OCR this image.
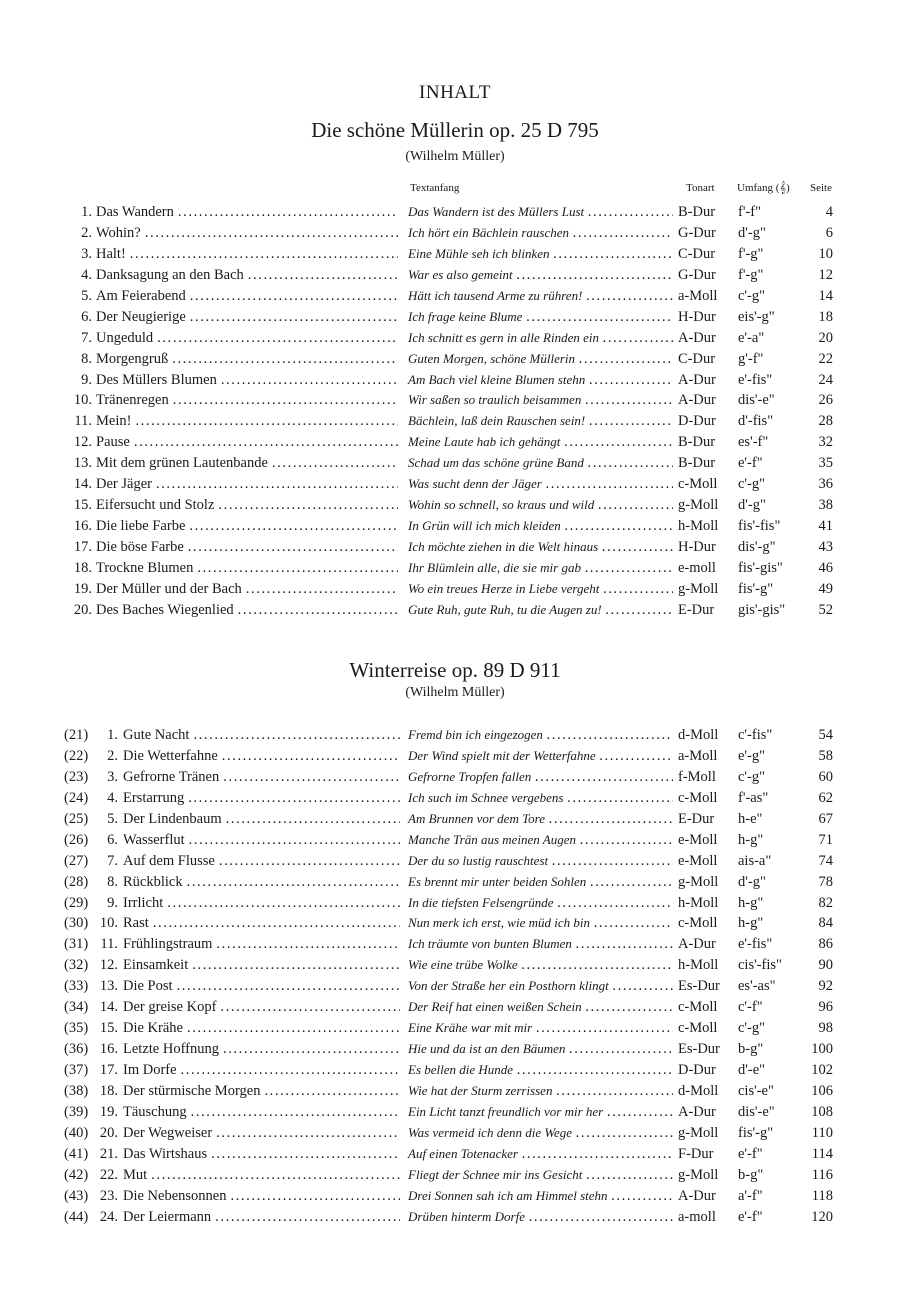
INHALT
Die schöne Müllerin op. 25 D 795
(Wilhelm Müller)
Textanfang	Tonart Umfang (𝄞) Seite
1. Das Wandern .....	Das Wandern ist des Müllers Lust .....	B-Dur f'-f"	4
2. Wohin? .....	Ich hört ein Bächlein rauschen .....	G-Dur d'-g"	6
3. Halt! .....	Eine Mühle seh ich blinken .....	C-Dur f'-g"	10
4. Danksagung an den Bach .....	War es also gemeint .....	G-Dur f'-g"	12
5. Am Feierabend .....	Hätt ich tausend Arme zu rühren! .....	a-Moll c'-g"	14
6. Der Neugierige .....	Ich frage keine Blume .....	H-Dur eis'-g"	18
7. Ungeduld .....	Ich schnitt es gern in alle Rinden ein .....	A-Dur e'-a"	20
8. Morgengruß .....	Guten Morgen, schöne Müllerin .....	C-Dur g'-f"	22
9. Des Müllers Blumen .....	Am Bach viel kleine Blumen stehn .....	A-Dur e'-fis"	24
10. Tränenregen .....	Wir saßen so traulich beisammen .....	A-Dur dis'-e"	26
11. Mein! .....	Bächlein, laß dein Rauschen sein! .....	D-Dur d'-fis"	28
12. Pause .....	Meine Laute hab ich gehängt .....	B-Dur es'-f"	32
13. Mit dem grünen Lautenbande .....	Schad um das schöne grüne Band .....	B-Dur e'-f"	35
14. Der Jäger .....	Was sucht denn der Jäger .....	c-Moll c'-g"	36
15. Eifersucht und Stolz .....	Wohin so schnell, so kraus und wild .....	g-Moll d'-g"	38
16. Die liebe Farbe .....	In Grün will ich mich kleiden .....	h-Moll fis'-fis"	41
17. Die böse Farbe .....	Ich möchte ziehen in die Welt hinaus .....	H-Dur dis'-g"	43
18. Trockne Blumen .....	Ihr Blümlein alle, die sie mir gab .....	e-moll fis'-gis" 46
19. Der Müller und der Bach .....	Wo ein treues Herze in Liebe vergeht .....	g-Moll fis'-g"	49
20. Des Baches Wiegenlied .....	Gute Ruh, gute Ruh, tu die Augen zu! .....	E-Dur gis'-gis" 52
Winterreise op. 89 D 911
(Wilhelm Müller)
(21)	1. Gute Nacht .....	Fremd bin ich eingezogen .....	d-Moll c'-fis"	54
(22)	2. Die Wetterfahne .....	Der Wind spielt mit der Wetterfahne .....	a-Moll e'-g"	58
(23)	3. Gefrorne Tränen .....	Gefrorne Tropfen fallen .....	f-Moll c'-g"	60
(24)	4. Erstarrung .....	Ich such im Schnee vergebens .....	c-Moll f'-as"	62
(25)	5. Der Lindenbaum .....	Am Brunnen vor dem Tore .....	E-Dur h-e"	67
(26)	6. Wasserflut .....	Manche Trän aus meinen Augen .....	e-Moll h-g"	71
(27)	7. Auf dem Flusse .....	Der du so lustig rauschtest .....	e-Moll ais-a"	74
(28)	8. Rückblick .....	Es brennt mir unter beiden Sohlen .....	g-Moll d'-g"	78
(29)	9. Irrlicht .....	In die tiefsten Felsengründe .....	h-Moll h-g"	82
(30) 10. Rast .....	Nun merk ich erst, wie müd ich bin .....	c-Moll h-g"	84
(31) 11. Frühlingstraum .....	Ich träumte von bunten Blumen .....	A-Dur e'-fis"	86
(32) 12. Einsamkeit .....	Wie eine trübe Wolke .....	h-Moll cis'-fis"	90
(33) 13. Die Post .....	Von der Straße her ein Posthorn klingt .....	Es-Dur es'-as"	92
(34) 14. Der greise Kopf .....	Der Reif hat einen weißen Schein .....	c-Moll c'-f"	96
(35) 15. Die Krähe .....	Eine Krähe war mit mir .....	c-Moll c'-g"	98
(36) 16. Letzte Hoffnung .....	Hie und da ist an den Bäumen .....	Es-Dur b-g"	100
(37) 17. Im Dorfe .....	Es bellen die Hunde .....	D-Dur d'-e"	102
(38) 18. Der stürmische Morgen .....	Wie hat der Sturm zerrissen .....	d-Moll cis'-e"	106
(39) 19. Täuschung .....	Ein Licht tanzt freundlich vor mir her .....	A-Dur dis'-e"	108
(40) 20. Der Wegweiser .....	Was vermeid ich denn die Wege .....	g-Moll fis'-g"	110
(41) 21. Das Wirtshaus .....	Auf einen Totenacker .....	F-Dur e'-f"	114
(42) 22. Mut .....	Fliegt der Schnee mir ins Gesicht .....	g-Moll b-g"	116
(43) 23. Die Nebensonnen .....	Drei Sonnen sah ich am Himmel stehn .....	A-Dur a'-f"	118
(44) 24. Der Leiermann .....	Drüben hinterm Dorfe .....	a-moll e'-f"	120
